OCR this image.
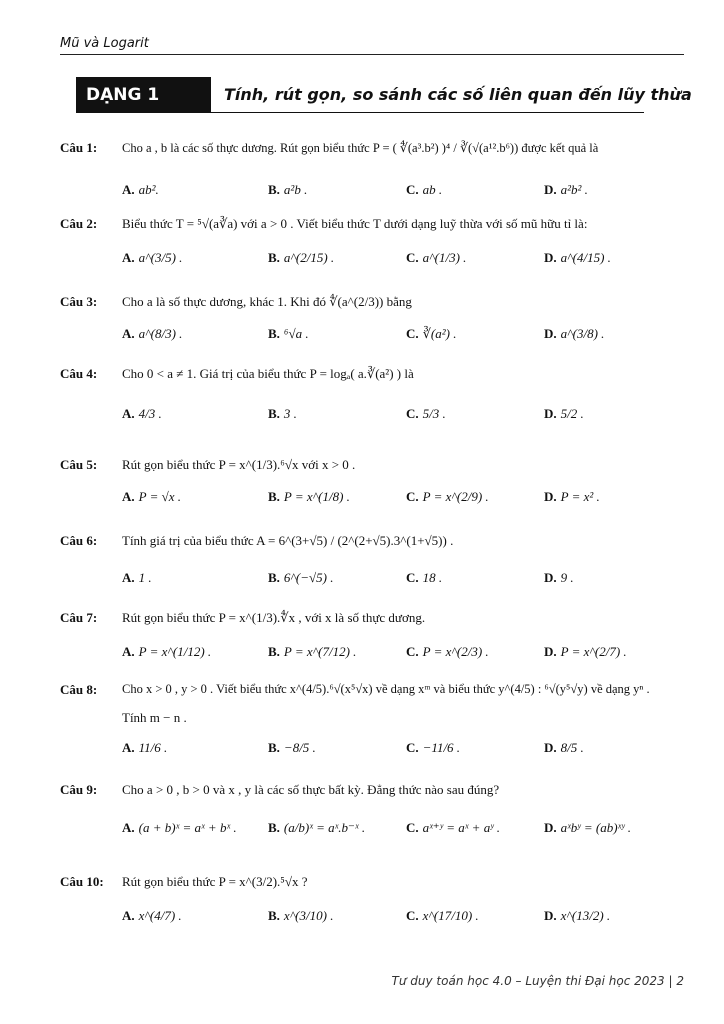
Mũ và Logarit
DẠNG 1	Tính, rút gọn, so sánh các số liên quan đến lũy thừa
Câu 1: Cho a , b là các số thực dương. Rút gọn biểu thức P = ( ∜(a³.b²) )⁴ / ∛(√(a¹².b⁶)) được kết quả là
A. ab².	B. a²b .	C. ab .	D. a²b² .
Câu 2: Biểu thức T = ⁵√(a∛a) với a > 0 . Viết biểu thức T dưới dạng luỹ thừa với số mũ hữu tỉ là:
A. a^(3/5) .	B. a^(2/15) .	C. a^(1/3) .	D. a^(4/15) .
Câu 3: Cho a là số thực dương, khác 1. Khi đó ∜(a^(2/3)) bằng
A. a^(8/3) .	B. ⁶√a .	C. ∛(a²) .	D. a^(3/8) .
Câu 4: Cho 0 < a ≠ 1. Giá trị của biểu thức P = logₐ( a.∛(a²) ) là
A. 4/3 .	B. 3 .	C. 5/3 .	D. 5/2 .
Câu 5: Rút gọn biểu thức P = x^(1/3).⁶√x với x > 0 .
A. P = √x .	B. P = x^(1/8) .	C. P = x^(2/9) .	D. P = x² .
Câu 6: Tính giá trị của biểu thức A = 6^(3+√5) / (2^(2+√5).3^(1+√5)) .
A. 1 .	B. 6^(−√5) .	C. 18 .	D. 9 .
Câu 7: Rút gọn biểu thức P = x^(1/3).∜x , với x là số thực dương.
A. P = x^(1/12) .	B. P = x^(7/12) .	C. P = x^(2/3) .	D. P = x^(2/7) .
Câu 8: Cho x > 0 , y > 0 . Viết biểu thức x^(4/5).⁶√(x⁵√x) về dạng xᵐ và biểu thức y^(4/5) : ⁶√(y⁵√y) về dạng yⁿ .
Tính m − n .
A. 11/6 .	B. −8/5 .	C. −11/6 .	D. 8/5 .
Câu 9: Cho a > 0 , b > 0 và x , y là các số thực bất kỳ. Đẳng thức nào sau đúng?
A. (a + b)ˣ = aˣ + bˣ . B. (a/b)ˣ = aˣ.b⁻ˣ .	C. aˣ⁺ʸ = aˣ + aʸ .	D. aˣbʸ = (ab)ˣʸ .
Câu 10: Rút gọn biểu thức P = x^(3/2).⁵√x ?
A. x^(4/7) .	B. x^(3/10) .	C. x^(17/10) .	D. x^(13/2) .
Tư duy toán học 4.0 – Luyện thi Đại học 2023 | 2
